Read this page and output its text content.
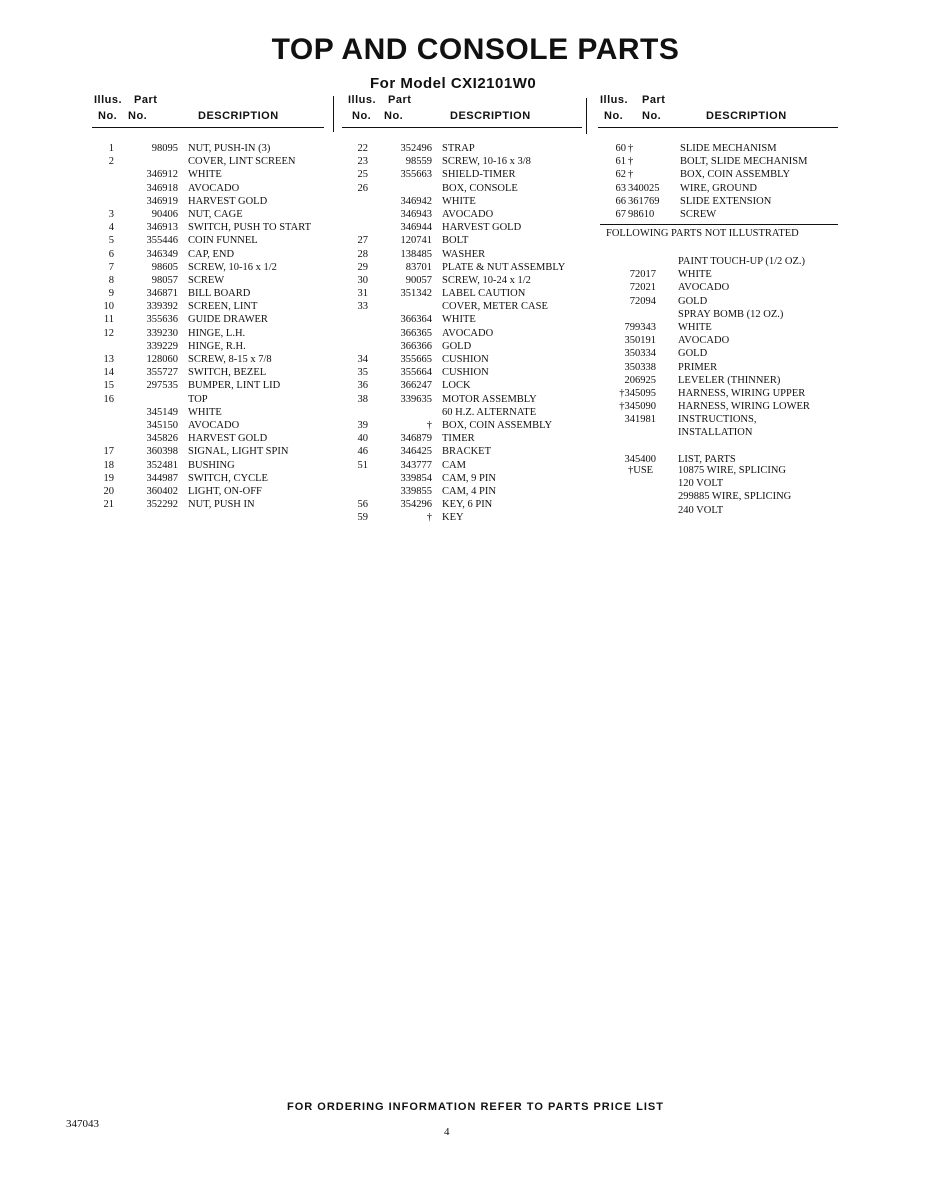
TOP AND CONSOLE PARTS
For Model CXI2101W0
Illus. Part
No. No.	DESCRIPTION
1	98095 NUT, PUSH-IN (3)
2	COVER, LINT SCREEN
346912 WHITE
346918 AVOCADO
346919 HARVEST GOLD
3	90406 NUT, CAGE
4	346913 SWITCH, PUSH TO START
5	355446 COIN FUNNEL
6	346349 CAP, END
7	98605 SCREW, 10-16 x 1/2
8	98057 SCREW
9	346871 BILL BOARD
10	339392 SCREEN, LINT
11	355636 GUIDE DRAWER
12	339230 HINGE, L.H.
339229 HINGE, R.H.
13	128060 SCREW, 8-15 x 7/8
14	355727 SWITCH, BEZEL
15	297535 BUMPER, LINT LID
16	TOP
345149 WHITE
345150 AVOCADO
345826 HARVEST GOLD
17	360398 SIGNAL, LIGHT SPIN
18	352481 BUSHING
19	344987 SWITCH, CYCLE
20	360402 LIGHT, ON-OFF
21	352292 NUT, PUSH IN
Illus. Part
No. No.	DESCRIPTION
22	352496 STRAP
23	98559 SCREW, 10-16 x 3/8
25	355663 SHIELD-TIMER
26	BOX, CONSOLE
346942 WHITE
346943 AVOCADO
346944 HARVEST GOLD
27	120741 BOLT
28	138485 WASHER
29	83701 PLATE & NUT ASSEMBLY
30	90057 SCREW, 10-24 x 1/2
31	351342 LABEL CAUTION
33	COVER, METER CASE
366364 WHITE
366365 AVOCADO
366366 GOLD
34	355665 CUSHION
35	355664 CUSHION
36	366247 LOCK
38	339635 MOTOR ASSEMBLY
60 H.Z. ALTERNATE
39	† BOX, COIN ASSEMBLY
40	346879 TIMER
46	346425 BRACKET
51	343777 CAM
339854 CAM, 9 PIN
339855 CAM, 4 PIN
56	354296 KEY, 6 PIN
59	† KEY
Illus. Part
No. No.	DESCRIPTION
60 †	SLIDE MECHANISM
61 †	BOLT, SLIDE MECHANISM
62 †	BOX, COIN ASSEMBLY
63 340025	WIRE, GROUND
66 361769	SLIDE EXTENSION
67 98610	SCREW
FOLLOWING PARTS NOT ILLUSTRATED
PAINT TOUCH-UP (1/2 OZ.)
72017 WHITE
72021 AVOCADO
72094 GOLD
SPRAY BOMB (12 OZ.)
799343 WHITE
350191 AVOCADO
350334 GOLD
350338 PRIMER
206925 LEVELER (THINNER)
†345095 HARNESS, WIRING UPPER
†345090 HARNESS, WIRING LOWER
341981 INSTRUCTIONS,
INSTALLATION
345400 LIST, PARTS
†USE 10875 WIRE, SPLICING
120 VOLT
299885 WIRE, SPLICING
240 VOLT
FOR ORDERING INFORMATION REFER TO PARTS PRICE LIST
347043
4
